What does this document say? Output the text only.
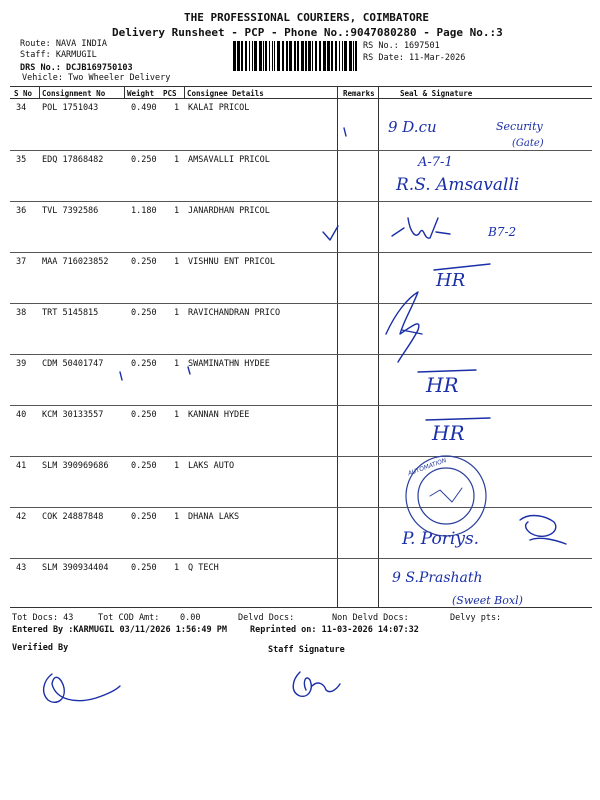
THE PROFESSIONAL COURIERS, COIMBATORE
Delivery Runsheet - PCP - Phone No.:9047080280 - Page No.:3
Route: NAVA INDIA
Staff: KARMUGIL
DRS No.: DCJB169750103
Vehicle: Two Wheeler Delivery
RS No.: 1697501
RS Date: 11-Mar-2026
S No Consignment No	Weight PCS Consignee Details	Remarks	Seal & Signature
34 POL 1751043	0.490 1 KALAI PRICOL
35 EDQ 17868482	0.250 1 AMSAVALLI PRICOL
36 TVL 7392586	1.180 1 JANARDHAN PRICOL
37 MAA 716023852	0.250 1 VISHNU ENT PRICOL
38 TRT 5145815	0.250 1 RAVICHANDRAN PRICO
39 CDM 50401747	0.250 1 SWAMINATHN HYDEE
40 KCM 30133557	0.250 1 KANNAN HYDEE
41 SLM 390969686	0.250 1 LAKS AUTO
42 COK 24887848	0.250 1 DHANA LAKS
43 SLM 390934404	0.250 1 Q TECH
9 D.cu	Security
(Gate)
A-7-1
R.S. Amsavalli
B7-2
HR
HR
HR
P. Poriys.
9 S.Prashath
(Sweet Boxl)
AUTOMATION
Tot Docs: 43	Tot COD Amt: 0.00	Delvd Docs:	Non Delvd Docs:	Delvy pts:
Entered By :KARMUGIL 03/11/2026 1:56:49 PM	Reprinted on: 11-03-2026 14:07:32
Verified By	Staff Signature
